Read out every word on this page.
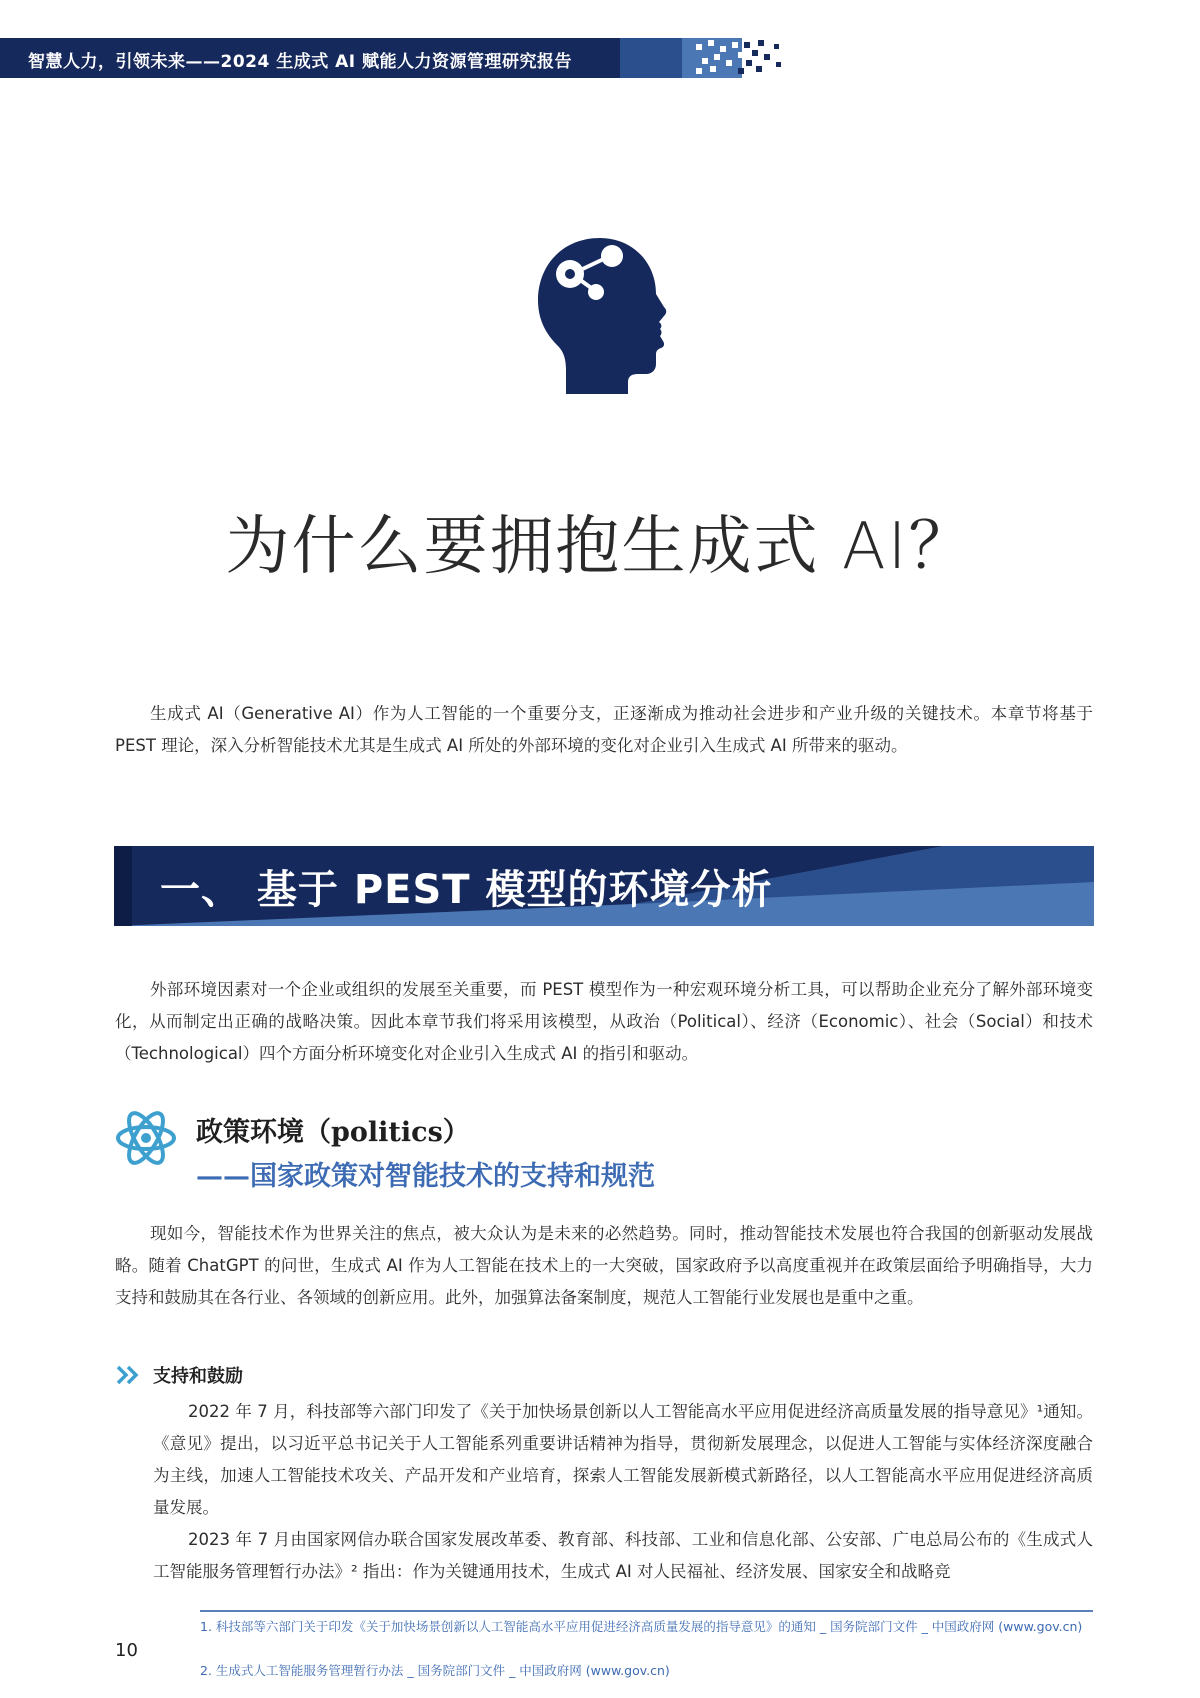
智慧人力，引领未来——2024 生成式 AI 赋能人力资源管理研究报告
为什么要拥抱生成式 AI？
生成式 AI（Generative AI）作为人工智能的一个重要分支，正逐渐成为推动社会进步和产业升级的关键技术。本章节将基于 PEST 理论，深入分析智能技术尤其是生成式 AI 所处的外部环境的变化对企业引入生成式 AI 所带来的驱动。
一、 基于 PEST 模型的环境分析
外部环境因素对一个企业或组织的发展至关重要，而 PEST 模型作为一种宏观环境分析工具，可以帮助企业充分了解外部环境变化，从而制定出正确的战略决策。因此本章节我们将采用该模型，从政治（Political）、经济（Economic）、社会（Social）和技术（Technological）四个方面分析环境变化对企业引入生成式 AI 的指引和驱动。
政策环境（politics）
——国家政策对智能技术的支持和规范
现如今，智能技术作为世界关注的焦点，被大众认为是未来的必然趋势。同时，推动智能技术发展也符合我国的创新驱动发展战略。随着 ChatGPT 的问世，生成式 AI 作为人工智能在技术上的一大突破，国家政府予以高度重视并在政策层面给予明确指导，大力支持和鼓励其在各行业、各领域的创新应用。此外，加强算法备案制度，规范人工智能行业发展也是重中之重。
支持和鼓励
2022 年 7 月，科技部等六部门印发了《关于加快场景创新以人工智能高水平应用促进经济高质量发展的指导意见》¹通知。《意见》提出，以习近平总书记关于人工智能系列重要讲话精神为指导，贯彻新发展理念，以促进人工智能与实体经济深度融合为主线，加速人工智能技术攻关、产品开发和产业培育，探索人工智能发展新模式新路径，以人工智能高水平应用促进经济高质量发展。
2023 年 7 月由国家网信办联合国家发展改革委、教育部、科技部、工业和信息化部、公安部、广电总局公布的《生成式人工智能服务管理暂行办法》² 指出：作为关键通用技术，生成式 AI 对人民福祉、经济发展、国家安全和战略竞
1. 科技部等六部门关于印发《关于加快场景创新以人工智能高水平应用促进经济高质量发展的指导意见》的通知 _ 国务院部门文件 _ 中国政府网 (www.gov.cn)
2. 生成式人工智能服务管理暂行办法 _ 国务院部门文件 _ 中国政府网 (www.gov.cn)
10
